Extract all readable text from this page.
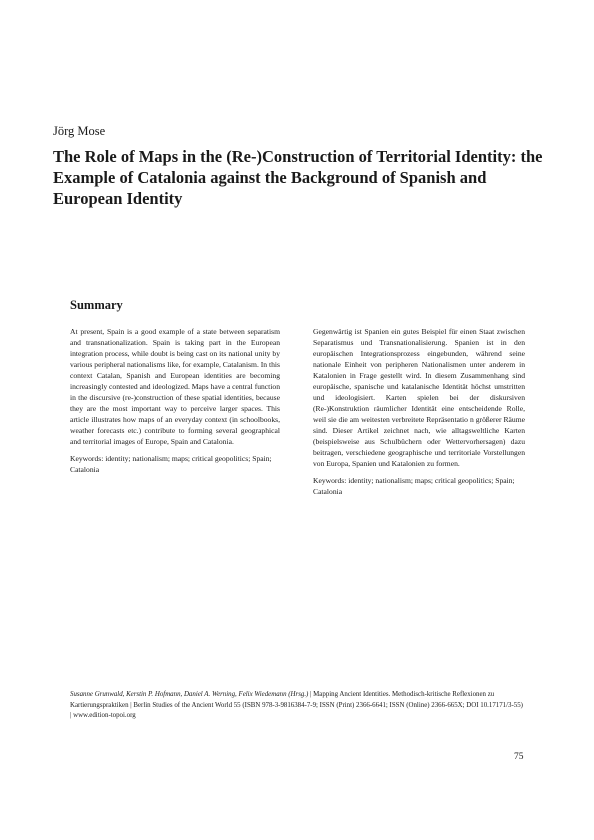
Jörg Mose
The Role of Maps in the (Re-)Construction of Territorial Identity: the Example of Catalonia against the Background of Spanish and European Identity
Summary

At present, Spain is a good example of a state between separatism and transnationalization. Spain is taking part in the European integration process, while doubt is being cast on its national unity by various peripheral nationalisms like, for example, Catalanism. In this context Catalan, Spanish and European identities are becoming increasingly contested and ideologized. Maps have a central function in the discursive (re-)construction of these spatial identities, because they are the most important way to perceive larger spaces. This article illustrates how maps of an everyday context (in schoolbooks, weather forecasts etc.) contribute to forming several geographical and territorial images of Europe, Spain and Catalonia.

Keywords: identity; nationalism; maps; critical geopolitics; Spain; Catalonia

Gegenwärtig ist Spanien ein gutes Beispiel für einen Staat zwischen Separatismus und Transnationalisierung. Spanien ist in den europäischen Integrationsprozess eingebunden, während seine nationale Einheit von peripheren Nationalismen unter anderem in Katalonien in Frage gestellt wird. In diesem Zusammenhang sind europäische, spanische und katalanische Identität höchst umstritten und ideologisiert. Karten spielen bei der diskursiven (Re-)Konstruktion räumlicher Identität eine entscheidende Rolle, weil sie die am weitesten verbreitete Repräsentatio n größerer Räume sind. Dieser Artikel zeichnet nach, wie alltagsweltliche Karten (beispielsweise aus Schulbüchern oder Wettervorhersagen) dazu beitragen, verschiedene geographische und territoriale Vorstellungen von Europa, Spanien und Katalonien zu formen.

Keywords: identity; nationalism; maps; critical geopolitics; Spain; Catalonia

Susanne Grunwald, Kerstin P. Hofmann, Daniel A. Werning, Felix Wiedemann (Hrsg.) | Mapping Ancient Identities. Methodisch-kritische Reflexionen zu Kartierungspraktiken | Berlin Studies of the Ancient World 55 (ISBN 978-3-9816384-7-9; ISSN (Print) 2366-6641; ISSN (Online) 2366-665X; DOI 10.17171/3-55) | www.edition-topoi.org
75
